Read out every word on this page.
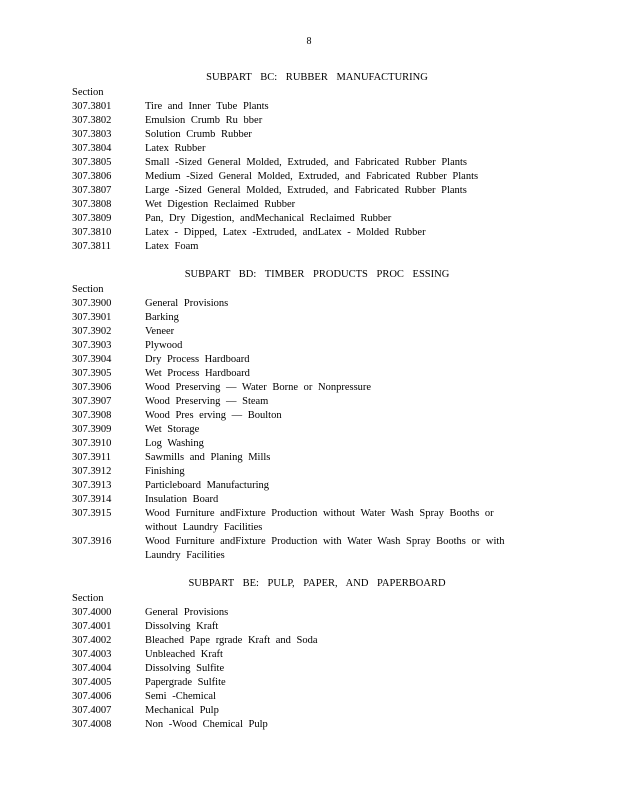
8
SUBPART BC: RUBBER MANUFACTURING
Section
307.3801	Tire and Inner Tube Plants
307.3802	Emulsion Crumb Ru bber
307.3803	Solution Crumb Rubber
307.3804	Latex Rubber
307.3805	Small -Sized General Molded, Extruded, and Fabricated Rubber Plants
307.3806	Medium -Sized General Molded, Extruded, and Fabricated Rubber Plants
307.3807	Large -Sized General Molded, Extruded, and Fabricated Rubber Plants
307.3808	Wet Digestion Reclaimed Rubber
307.3809	Pan, Dry Digestion, andMechanical Reclaimed Rubber
307.3810	Latex - Dipped, Latex -Extruded, andLatex - Molded Rubber
307.3811	Latex Foam
SUBPART BD: TIMBER PRODUCTS PROC ESSING
Section
307.3900	General Provisions
307.3901	Barking
307.3902	Veneer
307.3903	Plywood
307.3904	Dry Process Hardboard
307.3905	Wet Process Hardboard
307.3906	Wood Preserving — Water Borne or Nonpressure
307.3907	Wood Preserving — Steam
307.3908	Wood Pres erving — Boulton
307.3909	Wet Storage
307.3910	Log Washing
307.3911	Sawmills and Planing Mills
307.3912	Finishing
307.3913	Particleboard Manufacturing
307.3914	Insulation Board
307.3915	Wood Furniture andFixture Production without Water Wash Spray Booths or
without Laundry Facilities
307.3916	Wood Furniture andFixture Production with Water Wash Spray Booths or with
Laundry Facilities
SUBPART BE: PULP, PAPER, AND PAPERBOARD
Section
307.4000	General Provisions
307.4001	Dissolving Kraft
307.4002	Bleached Pape rgrade Kraft and Soda
307.4003	Unbleached Kraft
307.4004	Dissolving Sulfite
307.4005	Papergrade Sulfite
307.4006	Semi -Chemical
307.4007	Mechanical Pulp
307.4008	Non -Wood Chemical Pulp
